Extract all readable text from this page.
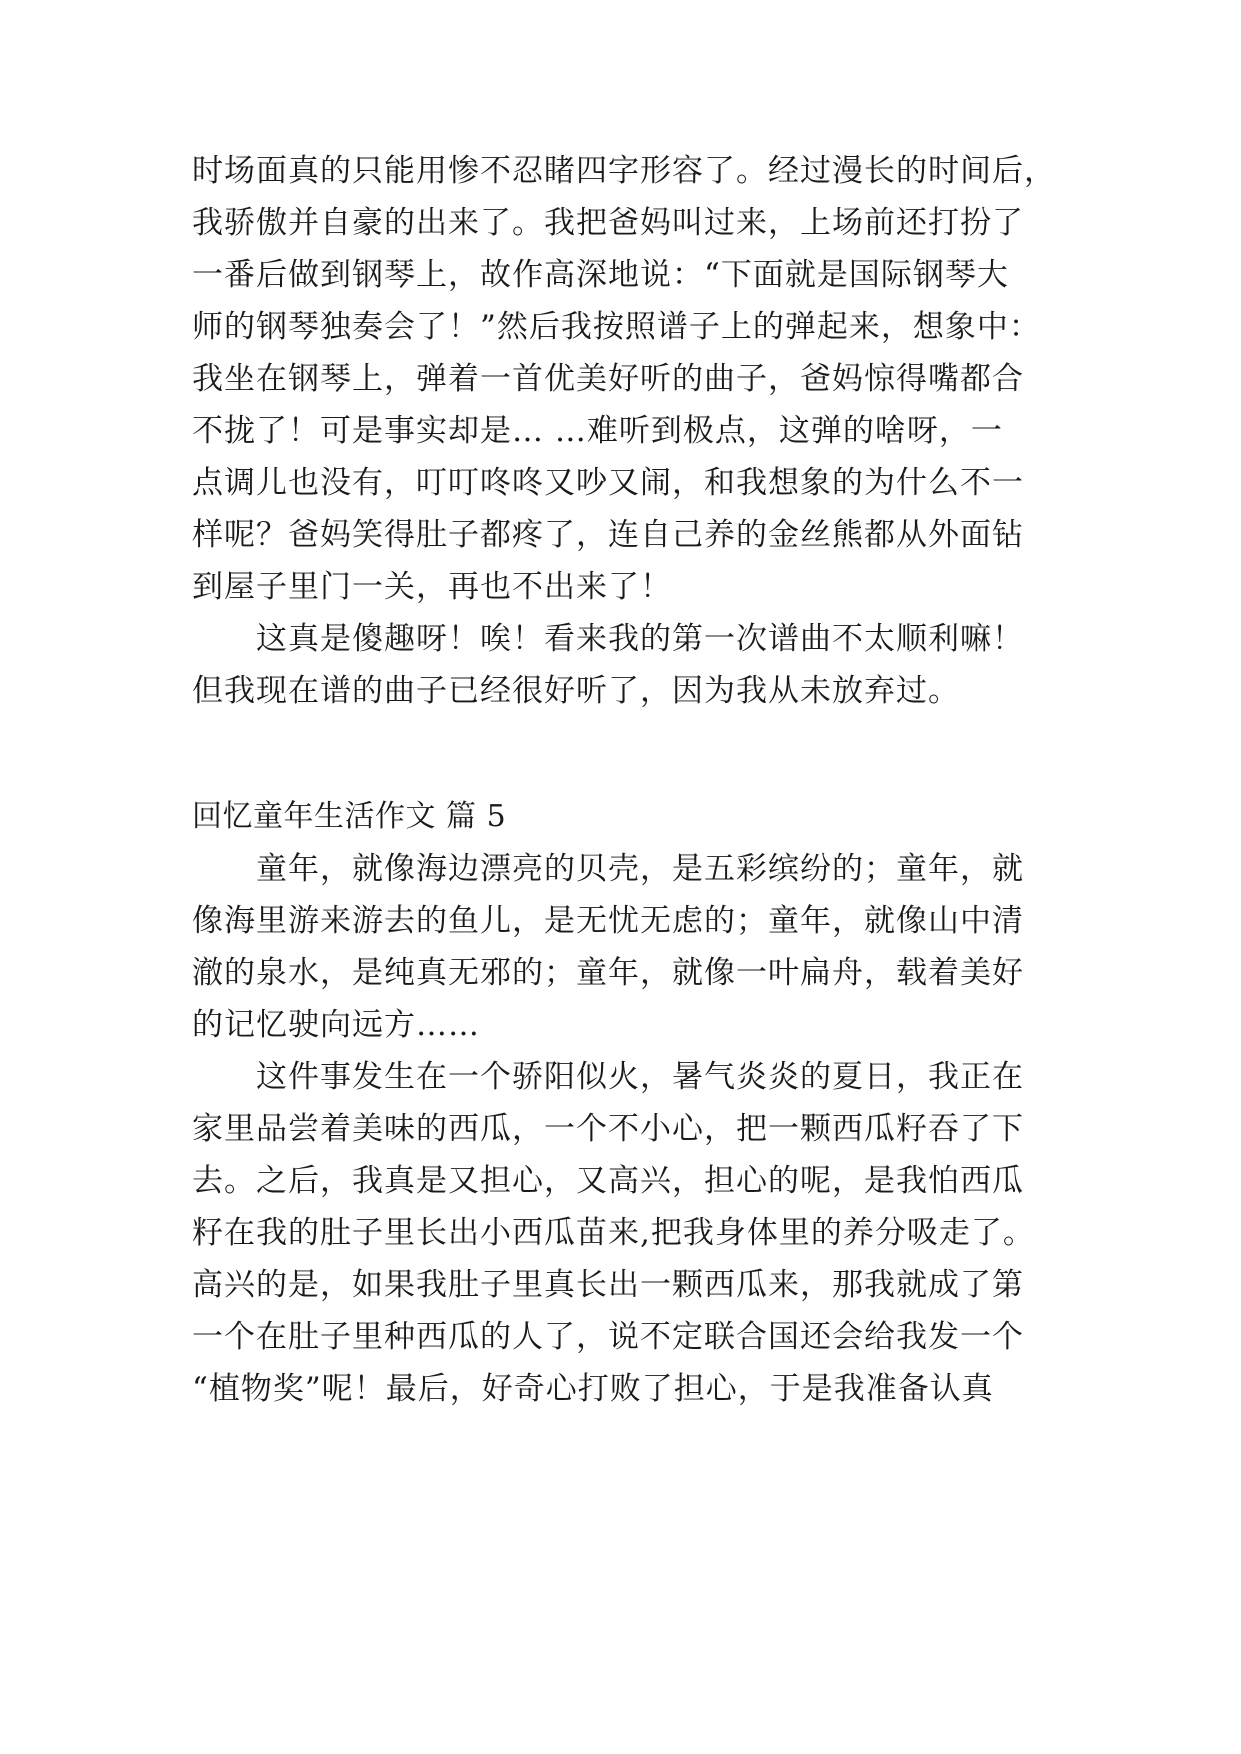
时场面真的只能用惨不忍睹四字形容了。经过漫长的时间后，
我骄傲并自豪的出来了。我把爸妈叫过来，上场前还打扮了
一番后做到钢琴上，故作高深地说：“下面就是国际钢琴大
师的钢琴独奏会了！”然后我按照谱子上的弹起来，想象中：
我坐在钢琴上，弹着一首优美好听的曲子，爸妈惊得嘴都合
不拢了！可是事实却是… …难听到极点，这弹的啥呀，一
点调儿也没有，叮叮咚咚又吵又闹，和我想象的为什么不一
样呢？爸妈笑得肚子都疼了，连自己养的金丝熊都从外面钻
到屋子里门一关，再也不出来了！
这真是傻趣呀！唉！看来我的第一次谱曲不太顺利嘛！
但我现在谱的曲子已经很好听了，因为我从未放弃过。
回忆童年生活作文 篇 5
童年，就像海边漂亮的贝壳，是五彩缤纷的；童年，就
像海里游来游去的鱼儿，是无忧无虑的；童年，就像山中清
澈的泉水，是纯真无邪的；童年，就像一叶扁舟，载着美好
的记忆驶向远方……
这件事发生在一个骄阳似火，暑气炎炎的夏日，我正在
家里品尝着美味的西瓜，一个不小心，把一颗西瓜籽吞了下
去。之后，我真是又担心，又高兴，担心的呢，是我怕西瓜
籽在我的肚子里长出小西瓜苗来,把我身体里的养分吸走了。
高兴的是，如果我肚子里真长出一颗西瓜来，那我就成了第
一个在肚子里种西瓜的人了，说不定联合国还会给我发一个
“植物奖”呢！最后，好奇心打败了担心，于是我准备认真
